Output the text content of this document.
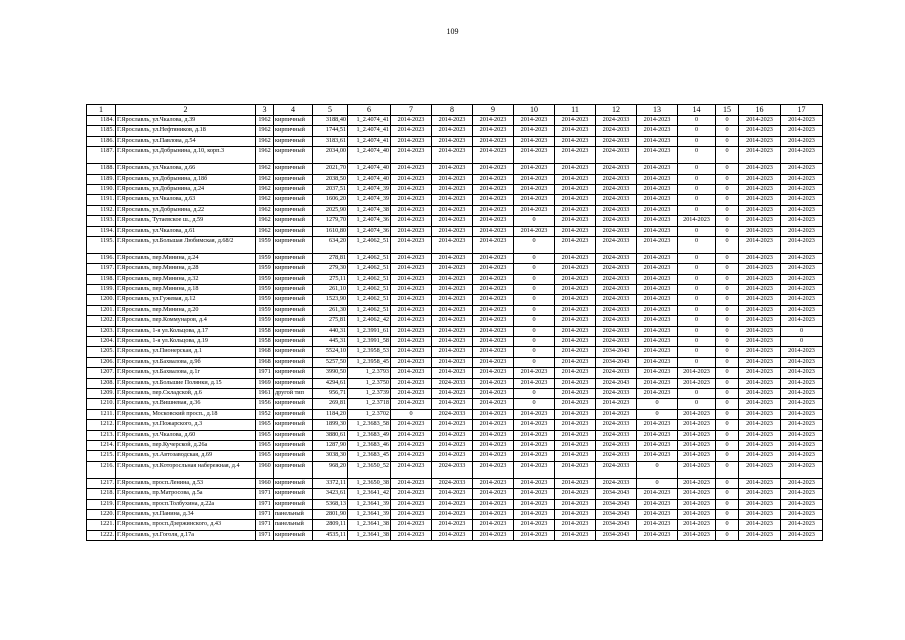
109
1	2	3	4	5	6	7	8	9	10	11	12	13	14	15	16	17
1184.	Г.Ярославль, ул.Чкалова, д.39	1962	кирпичный	3188,40	1_2.4074_41	2014-2023	2014-2023	2014-2023	2014-2023	2014-2023	2024-2033	2014-2023	0	0	2014-2023	2014-2023
1185.	Г.Ярославль, ул.Нефтяников, д.18	1962	кирпичный	1744,51	1_2.4074_41	2014-2023	2014-2023	2014-2023	2014-2023	2014-2023	2024-2033	2014-2023	0	0	2014-2023	2014-2023
1186.	Г.Ярославль, ул.Павлова, д.54	1962	кирпичный	3183,61	1_2.4074_41	2014-2023	2014-2023	2014-2023	2014-2023	2014-2023	2024-2033	2014-2023	0	0	2014-2023	2014-2023
1187.	Г.Ярославль, ул.Добрынина, д.10, корп.3	1962	кирпичный	2034,00	1_2.4074_40	2014-2023	2014-2023	2014-2023	2014-2023	2014-2023	2024-2033	2014-2023	0	0	2014-2023	2014-2023
1188.	Г.Ярославль, ул.Чкалова, д.66	1962	кирпичный	2021,70	1_2.4074_40	2014-2023	2014-2023	2014-2023	2014-2023	2014-2023	2024-2033	2014-2023	0	0	2014-2023	2014-2023
1189.	Г.Ярославль, ул.Добрынина, д.18б	1962	кирпичный	2038,50	1_2.4074_40	2014-2023	2014-2023	2014-2023	2014-2023	2014-2023	2024-2033	2014-2023	0	0	2014-2023	2014-2023
1190.	Г.Ярославль, ул.Добрынина, д.24	1962	кирпичный	2037,51	1_2.4074_39	2014-2023	2014-2023	2014-2023	2014-2023	2014-2023	2024-2033	2014-2023	0	0	2014-2023	2014-2023
1191.	Г.Ярославль, ул.Чкалова, д.63	1962	кирпичный	1606,20	1_2.4074_39	2014-2023	2014-2023	2014-2023	2014-2023	2014-2023	2024-2033	2014-2023	0	0	2014-2023	2014-2023
1192.	Г.Ярославль, ул.Добрынина, д.22	1962	кирпичный	2025,90	1_2.4074_38	2014-2023	2014-2023	2014-2023	2014-2023	2014-2023	2024-2033	2014-2023	0	0	2014-2023	2014-2023
1193.	Г.Ярославль, Тутаевское ш., д.59	1962	кирпичный	1279,70	1_2.4074_36	2014-2023	2014-2023	2014-2023	0	2014-2023	2024-2033	2014-2023	2014-2023	0	2014-2023	2014-2023
1194.	Г.Ярославль, ул.Чкалова, д.61	1962	кирпичный	1610,80	1_2.4074_36	2014-2023	2014-2023	2014-2023	2014-2023	2014-2023	2024-2033	2014-2023	0	0	2014-2023	2014-2023
1195.	Г.Ярославль, ул.Большая Любимская, д.68/2	1959	кирпичный	634,20	1_2.4062_51	2014-2023	2014-2023	2014-2023	0	2014-2023	2024-2033	2014-2023	0	0	2014-2023	2014-2023
1196.	Г.Ярославль, пер.Минина, д.24	1959	кирпичный	278,81	1_2.4062_51	2014-2023	2014-2023	2014-2023	0	2014-2023	2024-2033	2014-2023	0	0	2014-2023	2014-2023
1197.	Г.Ярославль, пер.Минина, д.28	1959	кирпичный	279,30	1_2.4062_51	2014-2023	2014-2023	2014-2023	0	2014-2023	2024-2033	2014-2023	0	0	2014-2023	2014-2023
1198.	Г.Ярославль, пер.Минина, д.32	1959	кирпичный	275,11	1_2.4062_51	2014-2023	2014-2023	2014-2023	0	2014-2023	2024-2033	2014-2023	0	0	2014-2023	2014-2023
1199.	Г.Ярославль, пер.Минина, д.18	1959	кирпичный	261,10	1_2.4062_51	2014-2023	2014-2023	2014-2023	0	2014-2023	2024-2033	2014-2023	0	0	2014-2023	2014-2023
1200.	Г.Ярославль, ул.Гужевая, д.12	1959	кирпичный	1523,90	1_2.4062_51	2014-2023	2014-2023	2014-2023	0	2014-2023	2024-2033	2014-2023	0	0	2014-2023	2014-2023
1201.	Г.Ярославль, пер.Минина, д.20	1959	кирпичный	261,30	1_2.4062_51	2014-2023	2014-2023	2014-2023	0	2014-2023	2024-2033	2014-2023	0	0	2014-2023	2014-2023
1202.	Г.Ярославль, пер.Коммунаров, д.4	1959	кирпичный	275,81	1_2.4062_42	2014-2023	2014-2023	2014-2023	0	2014-2023	2024-2033	2014-2023	0	0	2014-2023	2014-2023
1203.	Г.Ярославль, 1-я ул.Кольцова, д.17	1958	кирпичный	440,31	1_2.3991_61	2014-2023	2014-2023	2014-2023	0	2014-2023	2024-2033	2014-2023	0	0	2014-2023	0
1204.	Г.Ярославль, 1-я ул.Кольцова, д.19	1958	кирпичный	445,31	1_2.3991_58	2014-2023	2014-2023	2014-2023	0	2014-2023	2024-2033	2014-2023	0	0	2014-2023	0
1205.	Г.Ярославль, ул.Пионерская, д.1	1968	кирпичный	5524,10	1_2.3958_53	2014-2023	2014-2023	2014-2023	0	2014-2023	2034-2043	2014-2023	0	0	2014-2023	2014-2023
1206.	Г.Ярославль, ул.Бахвалова, д.9б	1968	кирпичный	5257,50	1_2.3958_45	2014-2023	2014-2023	2014-2023	0	2014-2023	2034-2043	2014-2023	0	0	2014-2023	2014-2023
1207.	Г.Ярославль, ул.Бахвалова, д.1г	1971	кирпичный	3990,50	1_2.3793	2014-2023	2014-2023	2014-2023	2014-2023	2014-2023	2024-2033	2014-2023	2014-2023	0	2014-2023	2014-2023
1208.	Г.Ярославль, ул.Большие Полянки, д.15	1969	кирпичный	4294,61	1_2.3750	2014-2023	2024-2033	2014-2023	2014-2023	2014-2023	2024-2043	2014-2023	2014-2023	0	2014-2023	2014-2023
1209.	Г.Ярославль, пер.Складской, д.6	1961	другой тип	956,71	1_2.3739	2014-2023	2014-2023	2014-2023	0	2014-2023	2024-2033	2014-2023	0	0	2014-2023	2014-2023
1210.	Г.Ярославль, ул.Вишневая, д.36	1956	кирпичный	269,81	1_2.3718	2014-2023	2014-2023	2014-2023	0	2014-2023	2014-2023	0	0	0	2014-2023	2014-2023
1211.	Г.Ярославль, Московский просп., д.18	1952	кирпичный	1184,20	1_2.3702	0	2024-2033	2014-2023	2014-2023	2014-2023	2014-2023	0	2014-2023	0	2014-2023	2014-2023
1212.	Г.Ярославль, ул.Пожарского, д.3	1965	кирпичный	1899,30	1_2.3683_58	2014-2023	2014-2023	2014-2023	2014-2023	2014-2023	2024-2033	2014-2023	2014-2023	0	2014-2023	2014-2023
1213.	Г.Ярославль, ул.Чкалова, д.60	1965	кирпичный	3880,61	1_2.3683_49	2014-2023	2014-2023	2014-2023	2014-2023	2014-2023	2024-2033	2014-2023	2014-2023	0	2014-2023	2014-2023
1214.	Г.Ярославль, пер.Кучерской, д.26а	1965	кирпичный	1287,90	1_2.3683_46	2014-2023	2014-2023	2014-2023	2014-2023	2014-2023	2024-2033	2014-2023	2014-2023	0	2014-2023	2014-2023
1215.	Г.Ярославль, ул.Автозаводская, д.69	1965	кирпичный	3038,30	1_2.3683_45	2014-2023	2014-2023	2014-2023	2014-2023	2014-2023	2024-2033	2014-2023	2014-2023	0	2014-2023	2014-2023
1216.	Г.Ярославль, ул.Которосльная набережная, д.4	1960	кирпичный	968,20	1_2.3650_52	2014-2023	2024-2033	2014-2023	2014-2023	2014-2023	2024-2033	0	2014-2023	0	2014-2023	2014-2023
1217.	Г.Ярославль, просп.Ленина, д.53	1960	кирпичный	3372,11	1_2.3650_38	2014-2023	2024-2033	2014-2023	2014-2023	2014-2023	2024-2033	0	2014-2023	0	2014-2023	2014-2023
1218.	Г.Ярославль, пр.Матросова, д.5а	1971	кирпичный	3423,61	1_2.3641_42	2014-2023	2014-2023	2014-2023	2014-2023	2014-2023	2034-2043	2014-2023	2014-2023	0	2014-2023	2014-2023
1219.	Г.Ярославль, просп.Толбухина, д.22а	1971	кирпичный	5368,13	1_2.3641_39	2014-2023	2014-2023	2014-2023	2014-2023	2014-2023	2034-2043	2014-2023	2014-2023	0	2014-2023	2014-2023
1220.	Г.Ярославль, ул.Панина, д.34	1971	панельный	2801,90	1_2.3641_39	2014-2023	2014-2023	2014-2023	2014-2023	2014-2023	2034-2043	2014-2023	2014-2023	0	2014-2023	2014-2023
1221.	Г.Ярославль, просп.Дзержинского, д.43	1971	панельный	2809,11	1_2.3641_38	2014-2023	2014-2023	2014-2023	2014-2023	2014-2023	2034-2043	2014-2023	2014-2023	0	2014-2023	2014-2023
1222.	Г.Ярославль, ул.Гоголя, д.17а	1971	кирпичный	4535,11	1_2.3641_38	2014-2023	2014-2023	2014-2023	2014-2023	2014-2023	2034-2043	2014-2023	2014-2023	0	2014-2023	2014-2023
